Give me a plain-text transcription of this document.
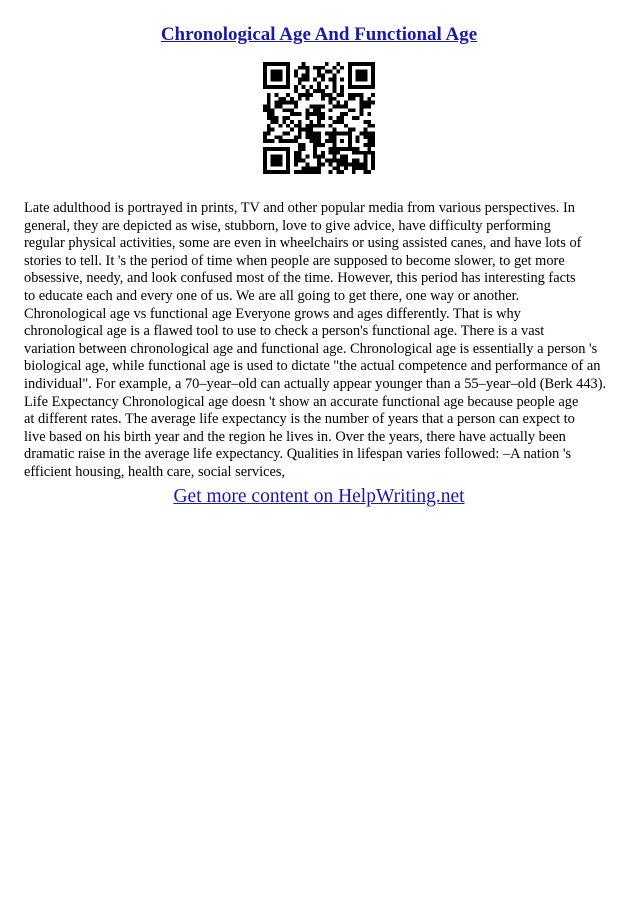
Chronological Age And Functional Age
Late adulthood is portrayed in prints, TV and other popular media from various perspectives. In
general, they are depicted as wise, stubborn, love to give advice, have difficulty performing
regular physical activities, some are even in wheelchairs or using assisted canes, and have lots of
stories to tell. It 's the period of time when people are supposed to become slower, to get more
obsessive, needy, and look confused most of the time. However, this period has interesting facts
to educate each and every one of us. We are all going to get there, one way or another.
Chronological age vs functional age Everyone grows and ages differently. That is why
chronological age is a flawed tool to use to check a person's functional age. There is a vast
variation between chronological age and functional age. Chronological age is essentially a person 's
biological age, while functional age is used to dictate "the actual competence and performance of an
individual". For example, a 70–year–old can actually appear younger than a 55–year–old (Berk 443).
Life Expectancy Chronological age doesn 't show an accurate functional age because people age
at different rates. The average life expectancy is the number of years that a person can expect to
live based on his birth year and the region he lives in. Over the years, there have actually been
dramatic raise in the average life expectancy. Qualities in lifespan varies followed: –A nation 's
efficient housing, health care, social services,
Get more content on HelpWriting.net
